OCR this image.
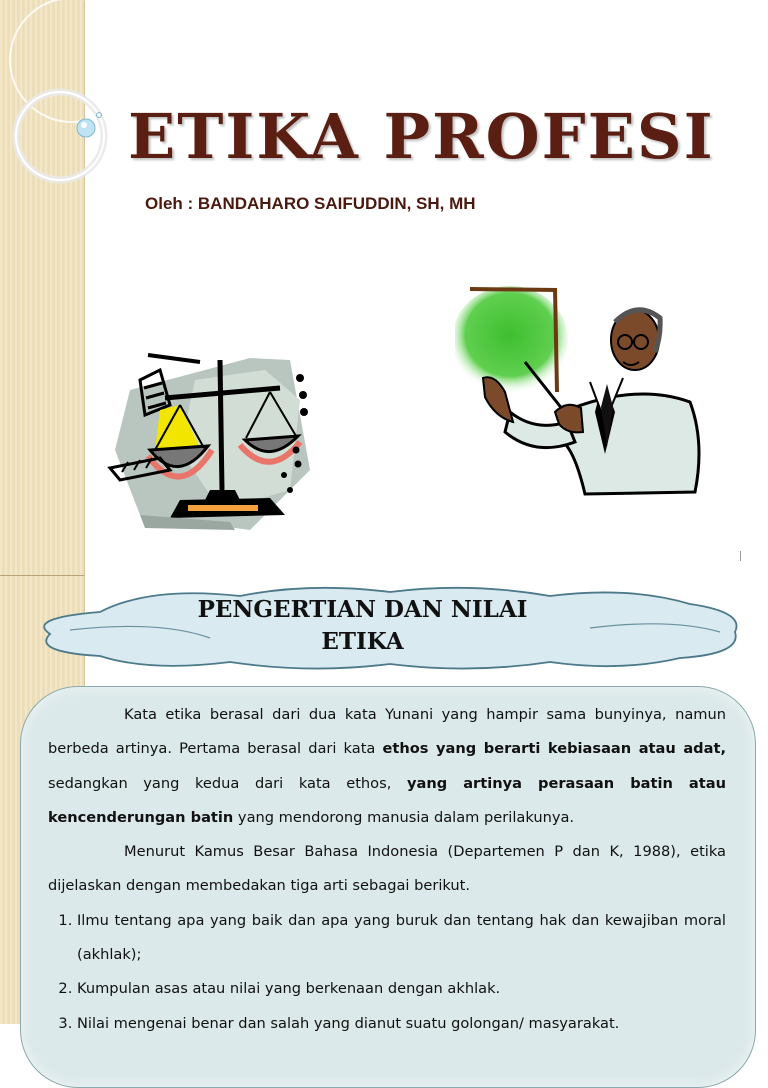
ETIKA PROFESI
Oleh : BANDAHARO SAIFUDDIN, SH, MH
PENGERTIAN DAN NILAI ETIKA

Kata etika berasal dari dua kata Yunani yang hampir sama bunyinya, namun berbeda artinya. Pertama berasal dari kata ethos yang berarti kebiasaan atau adat, sedangkan yang kedua dari kata ethos, yang artinya perasaan batin atau kencenderungan batin yang mendorong manusia dalam perilakunya.

Menurut Kamus Besar Bahasa Indonesia (Departemen P dan K, 1988), etika dijelaskan dengan membedakan tiga arti sebagai berikut.

1. Ilmu tentang apa yang baik dan apa yang buruk dan tentang hak dan kewajiban moral (akhlak);
2. Kumpulan asas atau nilai yang berkenaan dengan akhlak.
3. Nilai mengenai benar dan salah yang dianut suatu golongan/ masyarakat.
